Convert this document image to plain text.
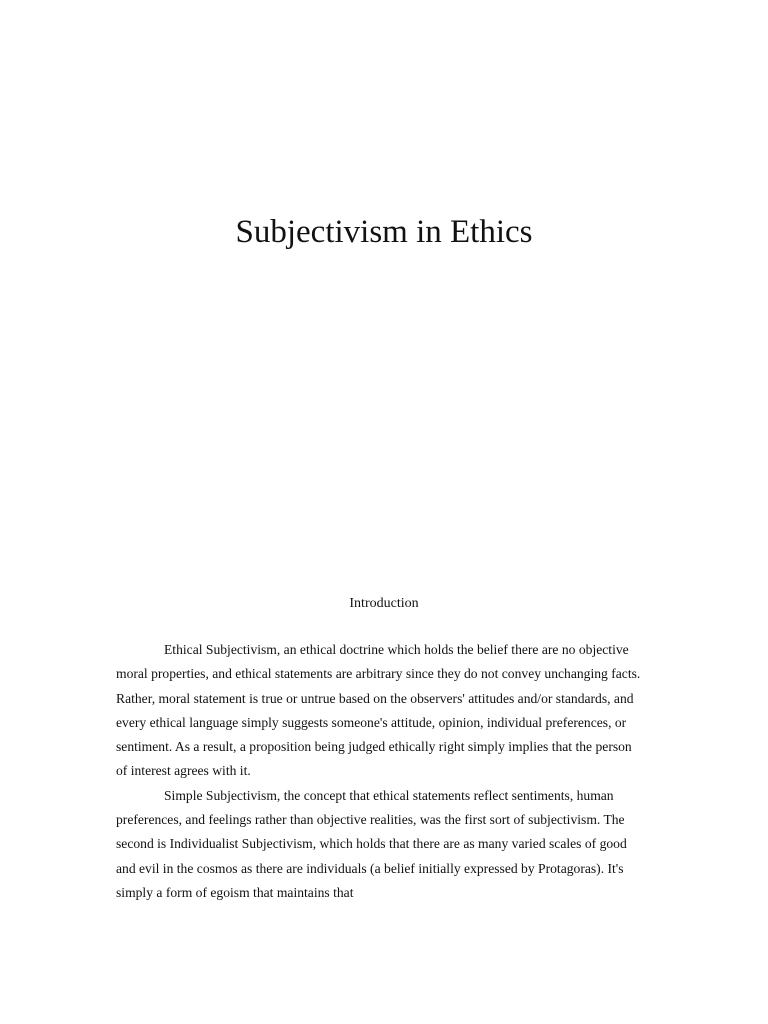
Subjectivism in Ethics
Introduction

Ethical Subjectivism, an ethical doctrine which holds the belief there are no objective moral properties, and ethical statements are arbitrary since they do not convey unchanging facts. Rather, moral statement is true or untrue based on the observers' attitudes and/or standards, and every ethical language simply suggests someone's attitude, opinion, individual preferences, or sentiment. As a result, a proposition being judged ethically right simply implies that the person of interest agrees with it.

Simple Subjectivism, the concept that ethical statements reflect sentiments, human preferences, and feelings rather than objective realities, was the first sort of subjectivism. The second is Individualist Subjectivism, which holds that there are as many varied scales of good and evil in the cosmos as there are individuals (a belief initially expressed by Protagoras). It's simply a form of egoism that maintains that
